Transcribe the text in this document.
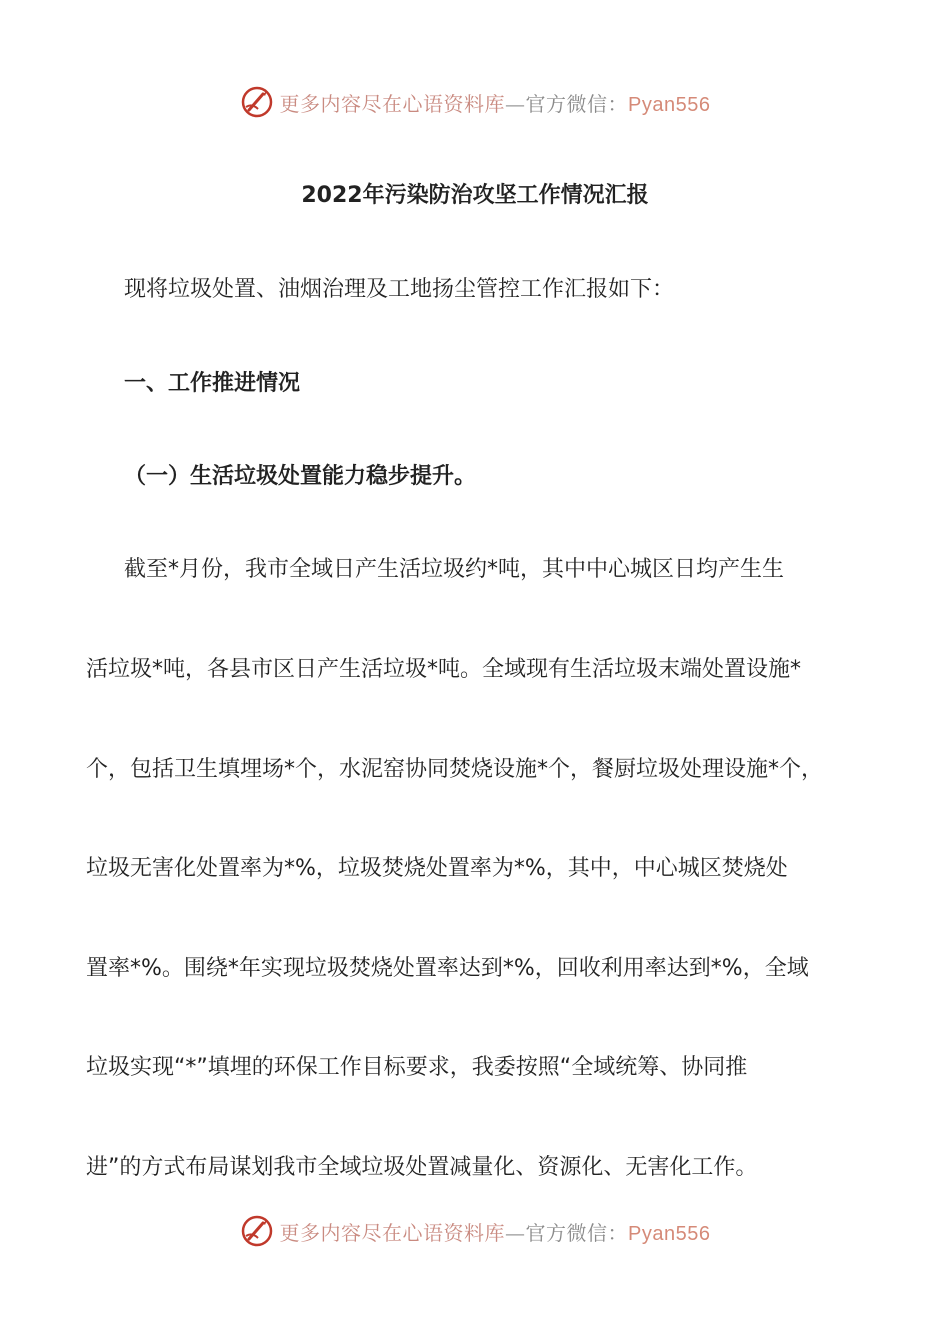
更多内容尽在心语资料库—官方微信：Pyan556
2022年污染防治攻坚工作情况汇报

现将垃圾处置、油烟治理及工地扬尘管控工作汇报如下：

一、工作推进情况

（一）生活垃圾处置能力稳步提升。

截至*月份，我市全域日产生活垃圾约*吨，其中中心城区日均产生生

活垃圾*吨，各县市区日产生活垃圾*吨。全域现有生活垃圾末端处置设施*

个，包括卫生填埋场*个，水泥窑协同焚烧设施*个，餐厨垃圾处理设施*个，

垃圾无害化处置率为*%，垃圾焚烧处置率为*%，其中，中心城区焚烧处

置率*%。围绕*年实现垃圾焚烧处置率达到*%，回收利用率达到*%，全域

垃圾实现“*”填埋的环保工作目标要求，我委按照“全域统筹、协同推

进”的方式布局谋划我市全域垃圾处置减量化、资源化、无害化工作。

更多内容尽在心语资料库—官方微信：Pyan556
